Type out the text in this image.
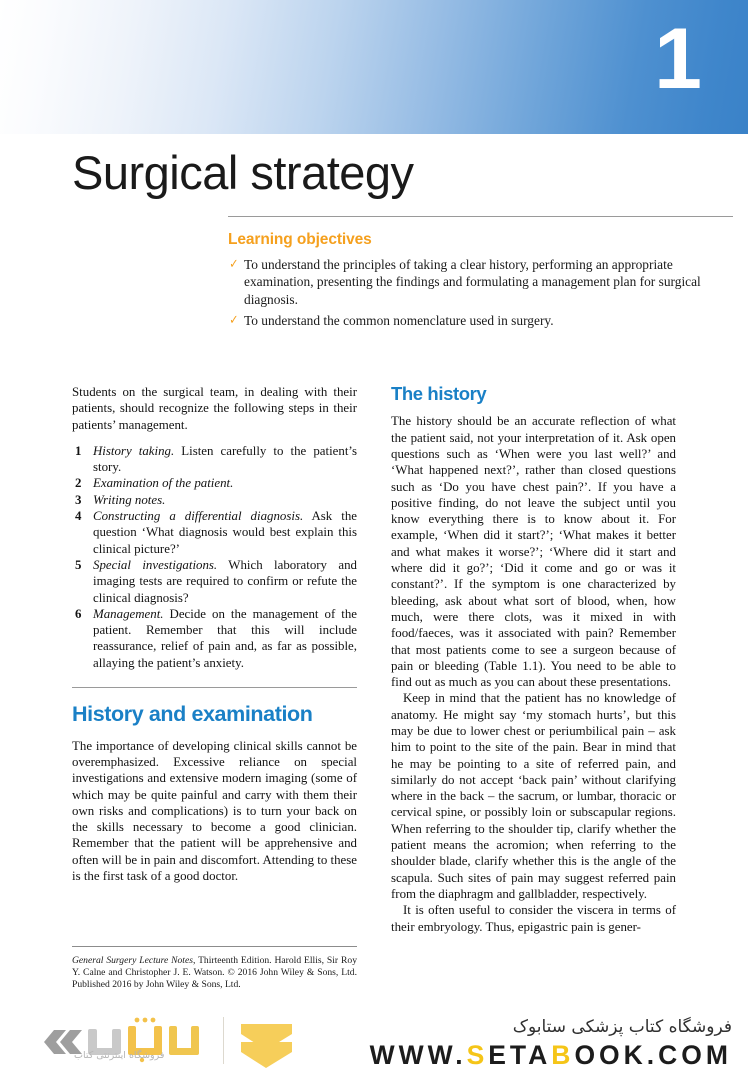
1
Surgical strategy
Learning objectives
✓ To understand the principles of taking a clear history, performing an appropriate examination, presenting the findings and formulating a management plan for surgical diagnosis.
✓ To understand the common nomenclature used in surgery.

Students on the surgical team, in dealing with their patients, should recognize the following steps in their patients’ management.

1 History taking. Listen carefully to the patient’s story.
2 Examination of the patient.
3 Writing notes.
4 Constructing a differential diagnosis. Ask the question ‘What diagnosis would best explain this clinical picture?’
5 Special investigations. Which laboratory and imaging tests are required to confirm or refute the clinical diagnosis?
6 Management. Decide on the management of the patient. Remember that this will include reassurance, relief of pain and, as far as possible, allaying the patient’s anxiety.
History and examination

The importance of developing clinical skills cannot be overemphasized. Excessive reliance on special investigations and extensive modern imaging (some of which may be quite painful and carry with them their own risks and complications) is to turn your back on the skills necessary to become a good clinician. Remember that the patient will be apprehensive and often will be in pain and discomfort. Attending to these is the first task of a good doctor.

The history

The history should be an accurate reflection of what the patient said, not your interpretation of it. Ask open questions such as ‘When were you last well?’ and ‘What happened next?’, rather than closed questions such as ‘Do you have chest pain?’. If you have a positive finding, do not leave the subject until you know everything there is to know about it. For example, ‘When did it start?’; ‘What makes it better and what makes it worse?’; ‘Where did it start and where did it go?’; ‘Did it come and go or was it constant?’. If the symptom is one characterized by bleeding, ask about what sort of blood, when, how much, were there clots, was it mixed in with food/faeces, was it associated with pain? Remember that most patients come to see a surgeon because of pain or bleeding (Table 1.1). You need to be able to find out as much as you can about these presentations.

Keep in mind that the patient has no knowledge of anatomy. He might say ‘my stomach hurts’, but this may be due to lower chest or periumbilical pain – ask him to point to the site of the pain. Bear in mind that he may be pointing to a site of referred pain, and similarly do not accept ‘back pain’ without clarifying where in the back – the sacrum, or lumbar, thoracic or cervical spine, or possibly loin or subscapular regions. When referring to the shoulder tip, clarify whether the patient means the acromion; when referring to the shoulder blade, clarify whether this is the angle of the scapula. Such sites of pain may suggest referred pain from the diaphragm and gallbladder, respectively.

It is often useful to consider the viscera in terms of their embryology. Thus, epigastric pain is gener-

General Surgery Lecture Notes, Thirteenth Edition. Harold Ellis, Sir Roy Y. Calne and Christopher J. E. Watson. © 2016 John Wiley & Sons, Ltd. Published 2016 by John Wiley & Sons, Ltd.
فروشگاه اینترنتی کتاب
فروشگاه کتاب پزشکی ستابوک
WWW.SETABOOK.COM
